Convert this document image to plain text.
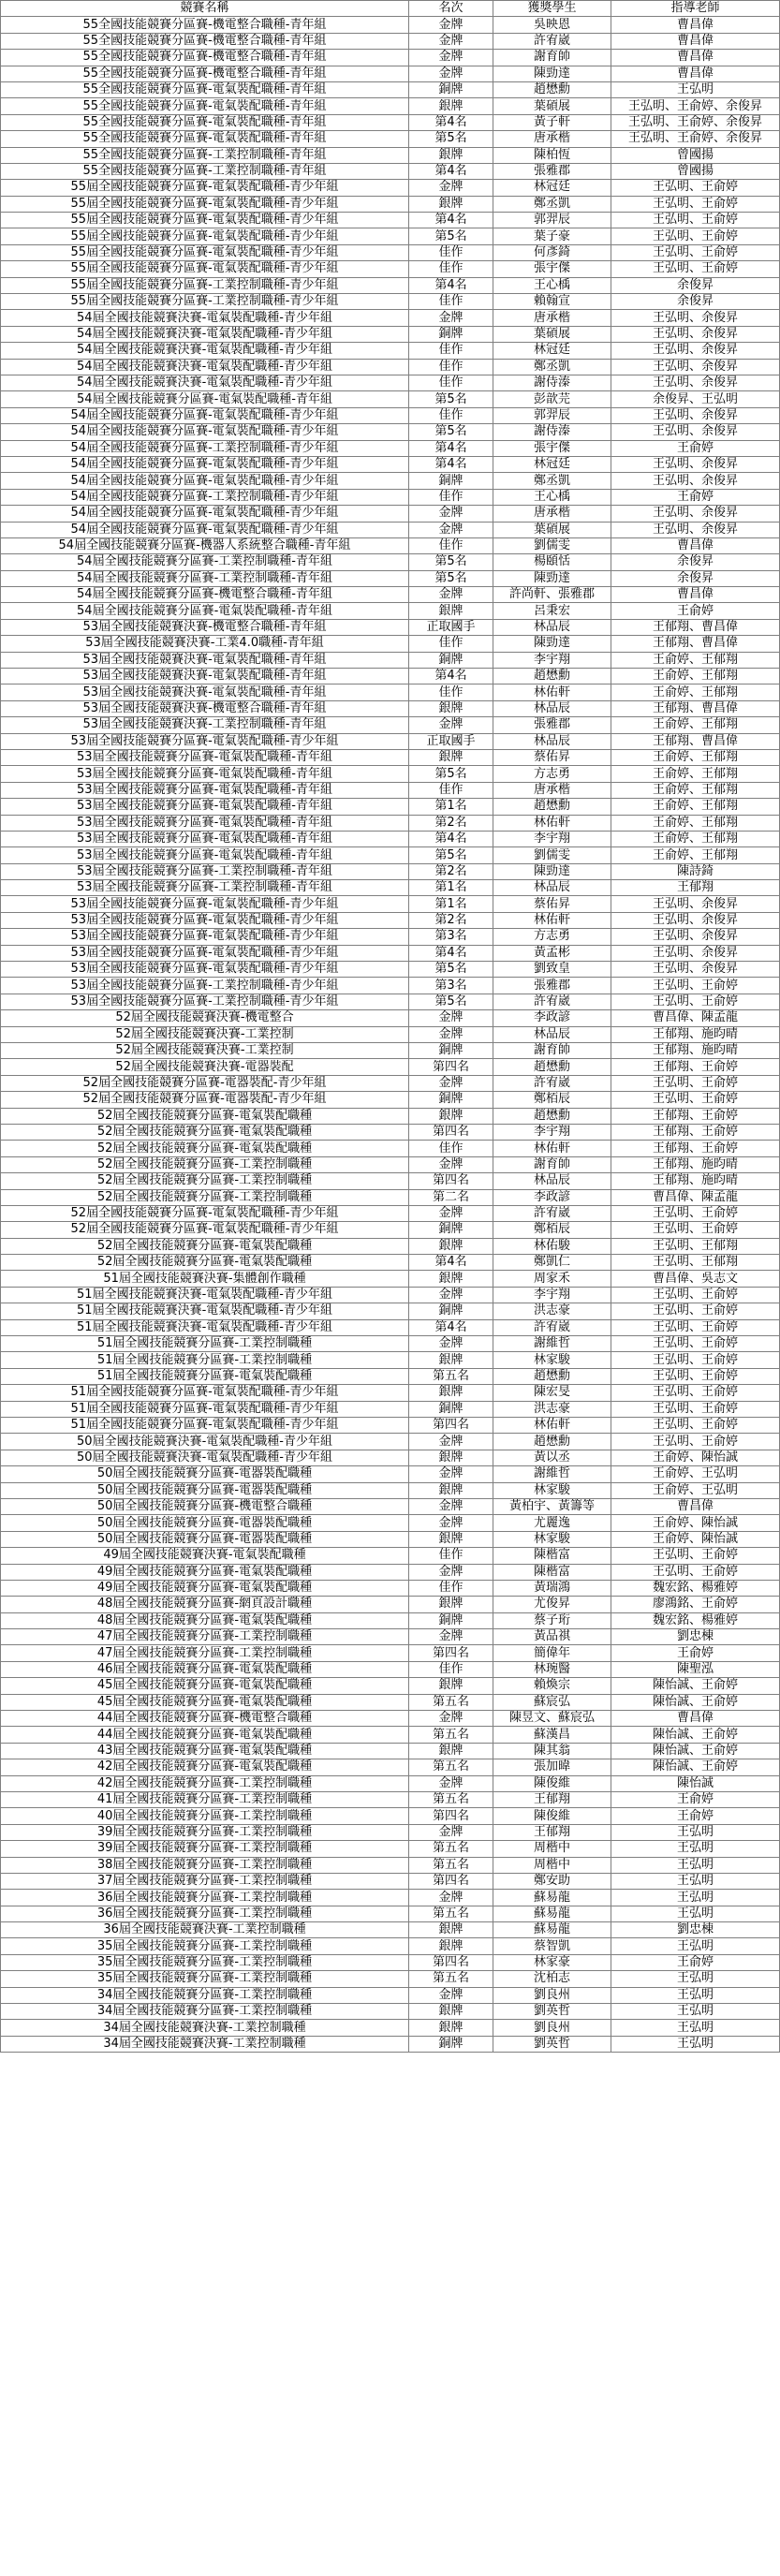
競賽名稱	名次	獲獎學生	指導老師
55全國技能競賽分區賽-機電整合職種-青年組	金牌	吳映恩	曹昌偉
55全國技能競賽分區賽-機電整合職種-青年組	金牌	許宥崴	曹昌偉
55全國技能競賽分區賽-機電整合職種-青年組	金牌	謝育帥	曹昌偉
55全國技能競賽分區賽-機電整合職種-青年組	金牌	陳勁達	曹昌偉
55全國技能競賽分區賽-電氣裝配職種-青年組	銅牌	趙懋勳	王弘明
55全國技能競賽分區賽-電氣裝配職種-青年組	銀牌	葉碩展	王弘明、王俞婷、余俊昇
55全國技能競賽分區賽-電氣裝配職種-青年組	第4名	黃子軒	王弘明、王俞婷、余俊昇
55全國技能競賽分區賽-電氣裝配職種-青年組	第5名	唐承楷	王弘明、王俞婷、余俊昇
55全國技能競賽分區賽-工業控制職種-青年組	銀牌	陳柏恆	曾國揚
55全國技能競賽分區賽-工業控制職種-青年組	第4名	張雅郡	曾國揚
55屆全國技能競賽分區賽-電氣裝配職種-青少年組	金牌	林冠廷	王弘明、王俞婷
55屆全國技能競賽分區賽-電氣裝配職種-青少年組	銀牌	鄭丞凱	王弘明、王俞婷
55屆全國技能競賽分區賽-電氣裝配職種-青少年組	第4名	郭羿辰	王弘明、王俞婷
55屆全國技能競賽分區賽-電氣裝配職種-青少年組	第5名	葉子豪	王弘明、王俞婷
55屆全國技能競賽分區賽-電氣裝配職種-青少年組	佳作	何彥錡	王弘明、王俞婷
55屆全國技能競賽分區賽-電氣裝配職種-青少年組	佳作	張宇傑	王弘明、王俞婷
55屆全國技能競賽分區賽-工業控制職種-青少年組	第4名	王心楀	余俊昇
55屆全國技能競賽分區賽-工業控制職種-青少年組	佳作	賴翰宣	余俊昇
54屆全國技能競賽決賽-電氣裝配職種-青少年組	金牌	唐承楷	王弘明、余俊昇
54屆全國技能競賽決賽-電氣裝配職種-青少年組	銅牌	葉碩展	王弘明、余俊昇
54屆全國技能競賽決賽-電氣裝配職種-青少年組	佳作	林冠廷	王弘明、余俊昇
54屆全國技能競賽決賽-電氣裝配職種-青少年組	佳作	鄭丞凱	王弘明、余俊昇
54屆全國技能競賽決賽-電氣裝配職種-青少年組	佳作	謝侍溱	王弘明、余俊昇
54屆全國技能競賽分區賽-電氣裝配職種-青年組	第5名	彭歆芫	余俊昇、王弘明
54屆全國技能競賽分區賽-電氣裝配職種-青少年組	佳作	郭羿辰	王弘明、余俊昇
54屆全國技能競賽分區賽-電氣裝配職種-青少年組	第5名	謝侍溱	王弘明、余俊昇
54屆全國技能競賽分區賽-工業控制職種-青少年組	第4名	張宇傑	王俞婷
54屆全國技能競賽分區賽-電氣裝配職種-青少年組	第4名	林冠廷	王弘明、余俊昇
54屆全國技能競賽分區賽-電氣裝配職種-青少年組	銅牌	鄭丞凱	王弘明、余俊昇
54屆全國技能競賽分區賽-工業控制職種-青少年組	佳作	王心楀	王俞婷
54屆全國技能競賽分區賽-電氣裝配職種-青少年組	金牌	唐承楷	王弘明、余俊昇
54屆全國技能競賽分區賽-電氣裝配職種-青少年組	金牌	葉碩展	王弘明、余俊昇
54屆全國技能競賽分區賽-機器人系統整合職種-青年組	佳作	劉儒雯	曹昌偉
54屆全國技能競賽分區賽-工業控制職種-青年組	第5名	楊頤恬	余俊昇
54屆全國技能競賽分區賽-工業控制職種-青年組	第5名	陳勁達	余俊昇
54屆全國技能競賽分區賽-機電整合職種-青年組	金牌	許尚軒、張雅郡	曹昌偉
54屆全國技能競賽分區賽-電氣裝配職種-青年組	銀牌	呂秉宏	王俞婷
53屆全國技能競賽決賽-機電整合職種-青年組	正取國手	林品辰	王郁翔、曹昌偉
53屆全國技能競賽決賽-工業4.0職種-青年組	佳作	陳勁達	王郁翔、曹昌偉
53屆全國技能競賽決賽-電氣裝配職種-青年組	銅牌	李宇翔	王俞婷、王郁翔
53屆全國技能競賽決賽-電氣裝配職種-青年組	第4名	趙懋勳	王俞婷、王郁翔
53屆全國技能競賽決賽-電氣裝配職種-青年組	佳作	林佑軒	王俞婷、王郁翔
53屆全國技能競賽決賽-機電整合職種-青年組	銀牌	林品辰	王郁翔、曹昌偉
53屆全國技能競賽決賽-工業控制職種-青年組	金牌	張雅郡	王俞婷、王郁翔
53屆全國技能競賽分區賽-電氣裝配職種-青少年組	正取國手	林品辰	王郁翔、曹昌偉
53屆全國技能競賽分區賽-電氣裝配職種-青年組	銀牌	蔡佑昇	王俞婷、王郁翔
53屆全國技能競賽分區賽-電氣裝配職種-青年組	第5名	方志勇	王俞婷、王郁翔
53屆全國技能競賽分區賽-電氣裝配職種-青年組	佳作	唐承楷	王俞婷、王郁翔
53屆全國技能競賽分區賽-電氣裝配職種-青年組	第1名	趙懋勳	王俞婷、王郁翔
53屆全國技能競賽分區賽-電氣裝配職種-青年組	第2名	林佑軒	王俞婷、王郁翔
53屆全國技能競賽分區賽-電氣裝配職種-青年組	第4名	李宇翔	王俞婷、王郁翔
53屆全國技能競賽分區賽-電氣裝配職種-青年組	第5名	劉儒雯	王俞婷、王郁翔
53屆全國技能競賽分區賽-工業控制職種-青年組	第2名	陳勁達	陳詩錡
53屆全國技能競賽分區賽-工業控制職種-青年組	第1名	林品辰	王郁翔
53屆全國技能競賽分區賽-電氣裝配職種-青少年組	第1名	蔡佑昇	王弘明、余俊昇
53屆全國技能競賽分區賽-電氣裝配職種-青少年組	第2名	林佑軒	王弘明、余俊昇
53屆全國技能競賽分區賽-電氣裝配職種-青少年組	第3名	方志勇	王弘明、余俊昇
53屆全國技能競賽分區賽-電氣裝配職種-青少年組	第4名	黃孟彬	王弘明、余俊昇
53屆全國技能競賽分區賽-電氣裝配職種-青少年組	第5名	劉致皇	王弘明、余俊昇
53屆全國技能競賽分區賽-工業控制職種-青少年組	第3名	張雅郡	王弘明、王俞婷
53屆全國技能競賽分區賽-工業控制職種-青少年組	第5名	許宥崴	王弘明、王俞婷
52屆全國技能競賽決賽-機電整合	金牌	李政諺	曹昌偉、陳孟龍
52屆全國技能競賽決賽-工業控制	金牌	林品辰	王郁翔、施昀晴
52屆全國技能競賽決賽-工業控制	銅牌	謝育帥	王郁翔、施昀晴
52屆全國技能競賽決賽-電器裝配	第四名	趙懋勳	王郁翔、王俞婷
52屆全國技能競賽分區賽-電器裝配-青少年組	金牌	許宥崴	王弘明、王俞婷
52屆全國技能競賽分區賽-電器裝配-青少年組	銅牌	鄭栢辰	王弘明、王俞婷
52屆全國技能競賽分區賽-電氣裝配職種	銀牌	趙懋勳	王郁翔、王俞婷
52屆全國技能競賽分區賽-電氣裝配職種	第四名	李宇翔	王郁翔、王俞婷
52屆全國技能競賽分區賽-電氣裝配職種	佳作	林佑軒	王郁翔、王俞婷
52屆全國技能競賽分區賽-工業控制職種	金牌	謝育帥	王郁翔、施昀晴
52屆全國技能競賽分區賽-工業控制職種	第四名	林品辰	王郁翔、施昀晴
52屆全國技能競賽分區賽-工業控制職種	第二名	李政諺	曹昌偉、陳孟龍
52屆全國技能競賽分區賽-電氣裝配職種-青少年組	金牌	許宥崴	王弘明、王俞婷
52屆全國技能競賽分區賽-電氣裝配職種-青少年組	銅牌	鄭栢辰	王弘明、王俞婷
52屆全國技能競賽分區賽-電氣裝配職種	銀牌	林佑駿	王弘明、王郁翔
52屆全國技能競賽分區賽-電氣裝配職種	第4名	鄭凱仁	王弘明、王郁翔
51屆全國技能競賽決賽-集體創作職種	銀牌	周家禾	曹昌偉、吳志文
51屆全國技能競賽決賽-電氣裝配職種-青少年組	金牌	李宇翔	王弘明、王俞婷
51屆全國技能競賽決賽-電氣裝配職種-青少年組	銅牌	洪志豪	王弘明、王俞婷
51屆全國技能競賽決賽-電氣裝配職種-青少年組	第4名	許宥崴	王弘明、王俞婷
51屆全國技能競賽分區賽-工業控制職種	金牌	謝維哲	王弘明、王俞婷
51屆全國技能競賽分區賽-工業控制職種	銀牌	林家駿	王弘明、王俞婷
51屆全國技能競賽分區賽-電氣裝配職種	第五名	趙懋勳	王弘明、王俞婷
51屆全國技能競賽分區賽-電氣裝配職種-青少年組	銀牌	陳宏旻	王弘明、王俞婷
51屆全國技能競賽分區賽-電氣裝配職種-青少年組	銅牌	洪志豪	王弘明、王俞婷
51屆全國技能競賽分區賽-電氣裝配職種-青少年組	第四名	林佑軒	王弘明、王俞婷
50屆全國技能競賽決賽-電氣裝配職種-青少年組	金牌	趙懋勳	王弘明、王俞婷
50屆全國技能競賽決賽-電氣裝配職種-青少年組	銀牌	黃以丞	王俞婷、陳怡誠
50屆全國技能競賽分區賽-電器裝配職種	金牌	謝維哲	王俞婷、王弘明
50屆全國技能競賽分區賽-電器裝配職種	銀牌	林家駿	王俞婷、王弘明
50屆全國技能競賽分區賽-機電整合職種	金牌	黃柏宇、黃籌等	曹昌偉
50屆全國技能競賽分區賽-電器裝配職種	金牌	尤麗逸	王俞婷、陳怡誠
50屆全國技能競賽分區賽-電器裝配職種	銀牌	林家駿	王俞婷、陳怡誠
49屆全國技能競賽決賽-電氣裝配職種	佳作	陳楷富	王弘明、王俞婷
49屆全國技能競賽分區賽-電氣裝配職種	金牌	陳楷富	王弘明、王俞婷
49屆全國技能競賽分區賽-電氣裝配職種	佳作	黃瑞鴻	魏宏銘、楊雅婷
48屆全國技能競賽分區賽-網頁設計職種	銀牌	尤俊昇	廖鴻銘、王俞婷
48屆全國技能競賽分區賽-電氣裝配職種	銅牌	蔡子珩	魏宏銘、楊雅婷
47屆全國技能競賽分區賽-工業控制職種	金牌	黃品祺	劉忠棟
47屆全國技能競賽分區賽-工業控制職種	第四名	簡偉年	王俞婷
46屆全國技能競賽分區賽-電氣裝配職種	佳作	林琬醫	陳聖泓
45屆全國技能競賽分區賽-電氣裝配職種	銀牌	賴煥宗	陳怡誠、王俞婷
45屆全國技能競賽分區賽-電氣裝配職種	第五名	蘇宸弘	陳怡誠、王俞婷
44屆全國技能競賽分區賽-機電整合職種	金牌	陳昱文、蘇宸弘	曹昌偉
44屆全國技能競賽分區賽-電氣裝配職種	第五名	蘇漢昌	陳怡誠、王俞婷
43屆全國技能競賽分區賽-電氣裝配職種	銀牌	陳其翁	陳怡誠、王俞婷
42屆全國技能競賽分區賽-電氣裝配職種	第五名	張加暐	陳怡誠、王俞婷
42屆全國技能競賽分區賽-工業控制職種	金牌	陳俊維	陳怡誠
41屆全國技能競賽分區賽-工業控制職種	第五名	王郁翔	王俞婷
40屆全國技能競賽分區賽-工業控制職種	第四名	陳俊維	王俞婷
39屆全國技能競賽分區賽-工業控制職種	金牌	王郁翔	王弘明
39屆全國技能競賽分區賽-工業控制職種	第五名	周楷中	王弘明
38屆全國技能競賽分區賽-工業控制職種	第五名	周楷中	王弘明
37屆全國技能競賽分區賽-工業控制職種	第四名	鄭安助	王弘明
36屆全國技能競賽分區賽-工業控制職種	金牌	蘇易龍	王弘明
36屆全國技能競賽分區賽-工業控制職種	第五名	蘇易龍	王弘明
36屆全國技能競賽決賽-工業控制職種	銀牌	蘇易龍	劉忠棟
35屆全國技能競賽分區賽-工業控制職種	銀牌	蔡智凱	王弘明
35屆全國技能競賽分區賽-工業控制職種	第四名	林家豪	王俞婷
35屆全國技能競賽分區賽-工業控制職種	第五名	沈柏志	王弘明
34屆全國技能競賽分區賽-工業控制職種	金牌	劉良州	王弘明
34屆全國技能競賽分區賽-工業控制職種	銀牌	劉英哲	王弘明
34屆全國技能競賽決賽-工業控制職種	銀牌	劉良州	王弘明
34屆全國技能競賽決賽-工業控制職種	銅牌	劉英哲	王弘明
